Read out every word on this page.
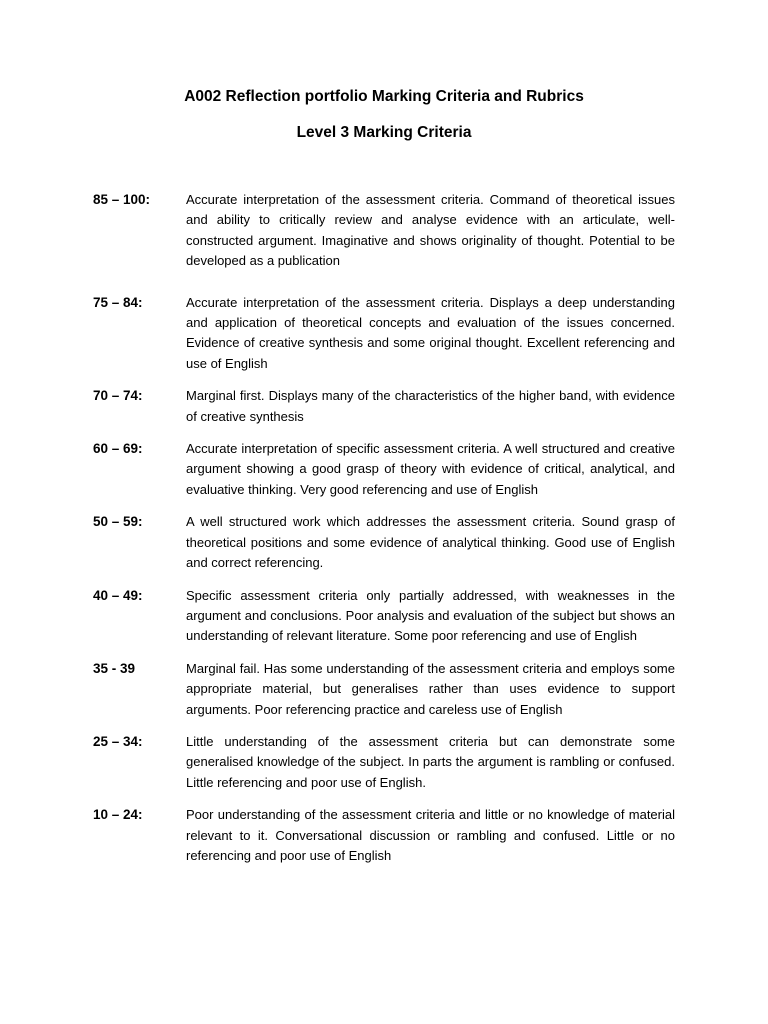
A002 Reflection portfolio Marking Criteria and Rubrics
Level 3 Marking Criteria
85 – 100:	Accurate interpretation of the assessment criteria. Command of theoretical issues and ability to critically review and analyse evidence with an articulate, well-constructed argument. Imaginative and shows originality of thought. Potential to be developed as a publication
75 – 84:	Accurate interpretation of the assessment criteria. Displays a deep understanding and application of theoretical concepts and evaluation of the issues concerned. Evidence of creative synthesis and some original thought. Excellent referencing and use of English
70 – 74:	Marginal first. Displays many of the characteristics of the higher band, with evidence of creative synthesis
60 – 69:	Accurate interpretation of specific assessment criteria. A well structured and creative argument showing a good grasp of theory with evidence of critical, analytical, and evaluative thinking. Very good referencing and use of English
50 – 59:	A well structured work which addresses the assessment criteria. Sound grasp of theoretical positions and some evidence of analytical thinking. Good use of English and correct referencing.
40 – 49:	Specific assessment criteria only partially addressed, with weaknesses in the argument and conclusions. Poor analysis and evaluation of the subject but shows an understanding of relevant literature. Some poor referencing and use of English
35 - 39	Marginal fail. Has some understanding of the assessment criteria and employs some appropriate material, but generalises rather than uses evidence to support arguments. Poor referencing practice and careless use of English
25 – 34:	Little understanding of the assessment criteria but can demonstrate some generalised knowledge of the subject. In parts the argument is rambling or confused. Little referencing and poor use of English.
10 – 24:	Poor understanding of the assessment criteria and little or no knowledge of material relevant to it. Conversational discussion or rambling and confused. Little or no referencing and poor use of English
